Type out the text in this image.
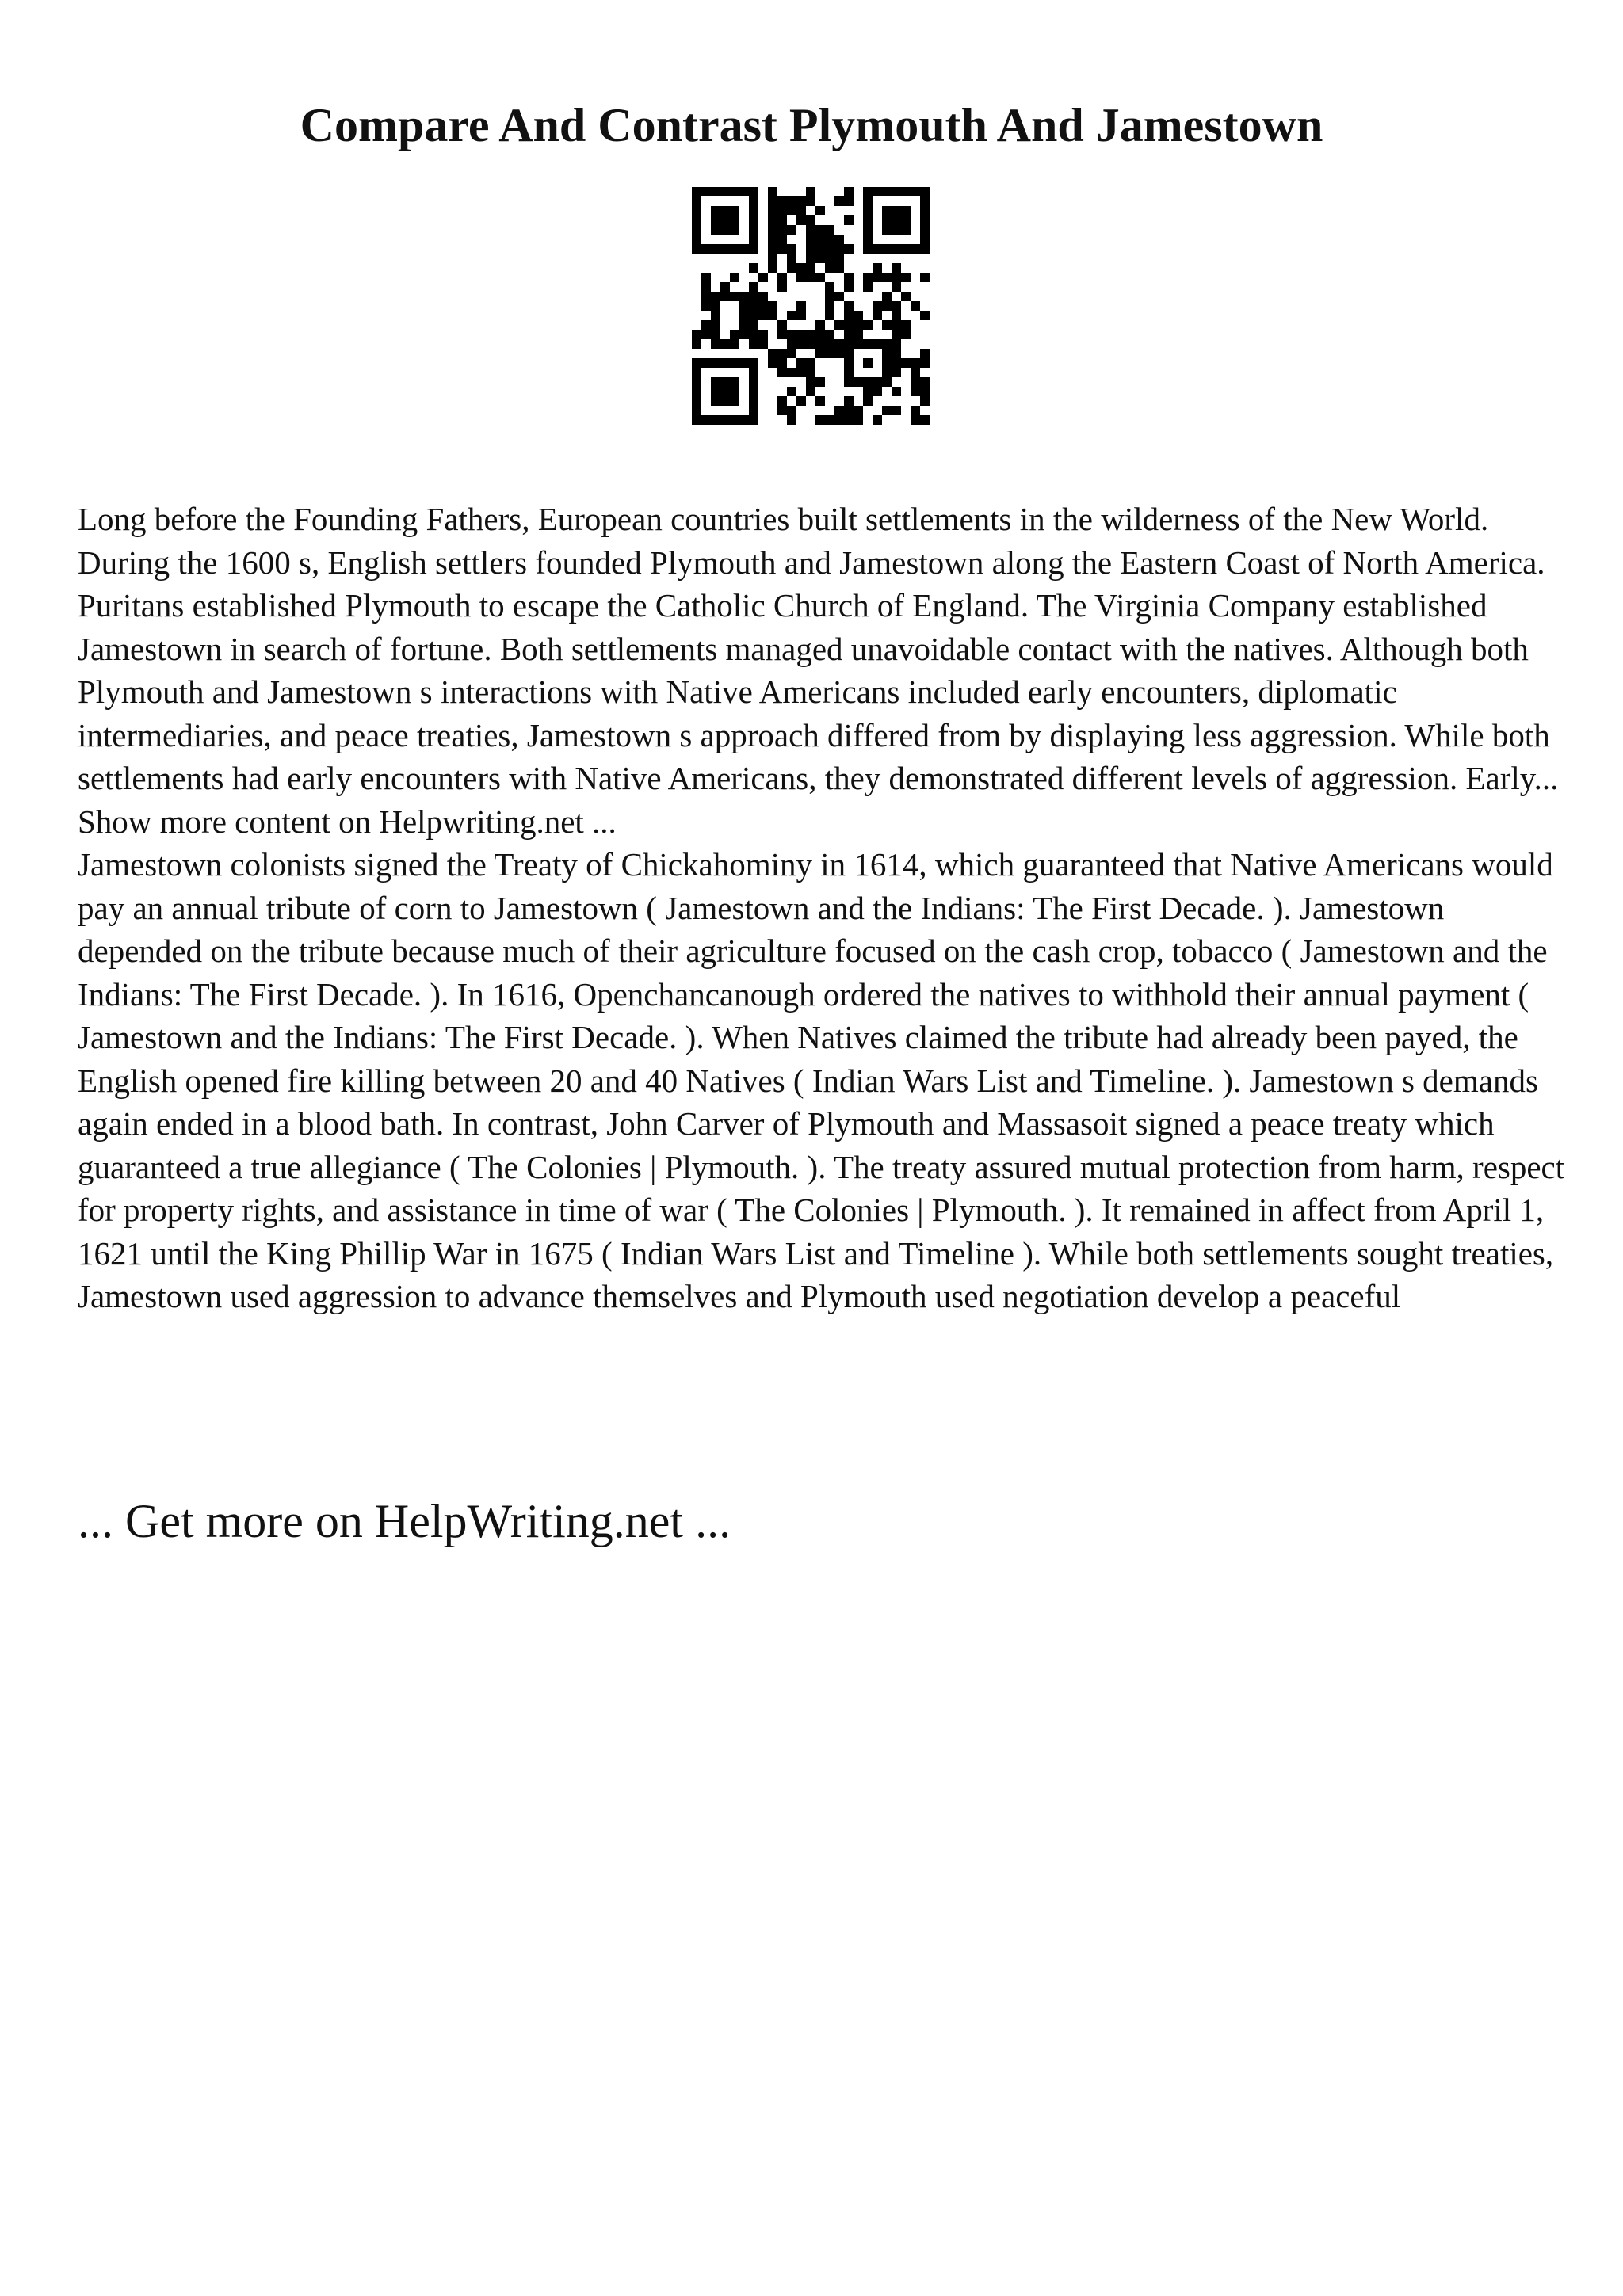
Compare And Contrast Plymouth And Jamestown

Long before the Founding Fathers, European countries built settlements in the wilderness of the New World. During the 1600 s, English settlers founded Plymouth and Jamestown along the Eastern Coast of North America. Puritans established Plymouth to escape the Catholic Church of England. The Virginia Company established Jamestown in search of fortune. Both settlements managed unavoidable contact with the natives. Although both Plymouth and Jamestown s interactions with Native Americans included early encounters, diplomatic intermediaries, and peace treaties, Jamestown s approach differed from by displaying less aggression. While both settlements had early encounters with Native Americans, they demonstrated different levels of aggression. Early... Show more content on Helpwriting.net ...

Jamestown colonists signed the Treaty of Chickahominy in 1614, which guaranteed that Native Americans would pay an annual tribute of corn to Jamestown ( Jamestown and the Indians: The First Decade. ). Jamestown depended on the tribute because much of their agriculture focused on the cash crop, tobacco ( Jamestown and the Indians: The First Decade. ). In 1616, Openchancanough ordered the natives to withhold their annual payment ( Jamestown and the Indians: The First Decade. ). When Natives claimed the tribute had already been payed, the English opened fire killing between 20 and 40 Natives ( Indian Wars List and Timeline. ). Jamestown s demands again ended in a blood bath. In contrast, John Carver of Plymouth and Massasoit signed a peace treaty which guaranteed a true allegiance ( The Colonies | Plymouth. ). The treaty assured mutual protection from harm, respect for property rights, and assistance in time of war ( The Colonies | Plymouth. ). It remained in affect from April 1, 1621 until the King Phillip War in 1675 ( Indian Wars List and Timeline ). While both settlements sought treaties, Jamestown used aggression to advance themselves and Plymouth used negotiation develop a peaceful

... Get more on HelpWriting.net ...
